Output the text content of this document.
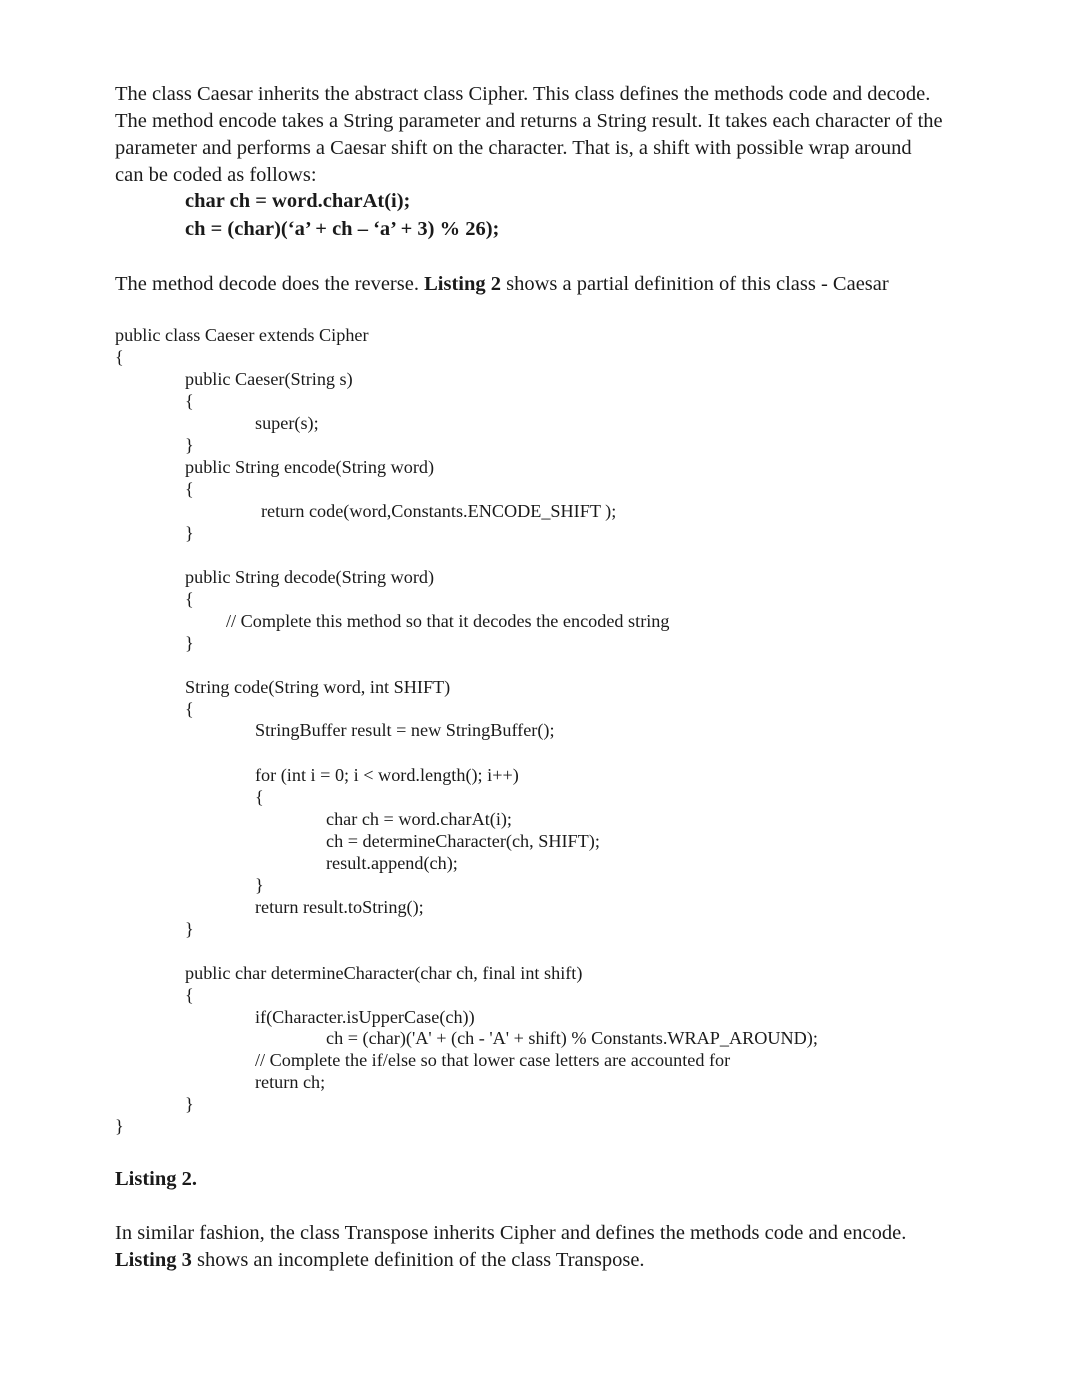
The class Caesar inherits the abstract class Cipher. This class defines the methods code and decode.
The method encode takes a String parameter and returns a String result. It takes each character of the
parameter and performs a Caesar shift on the character. That is, a shift with possible wrap around
can be coded as follows:
char ch = word.charAt(i);
ch = (char)(‘a’ + ch – ‘a’ + 3) % 26);
The method decode does the reverse. Listing 2 shows a partial definition of this class - Caesar
public class Caeser extends Cipher
{
public Caeser(String s)
{
super(s);
}
public String encode(String word)
{
return code(word,Constants.ENCODE_SHIFT );
}
public String decode(String word)
{
// Complete this method so that it decodes the encoded string
}
String code(String word, int SHIFT)
{
StringBuffer result = new StringBuffer();
for (int i = 0; i < word.length(); i++)
{
char ch = word.charAt(i);
ch = determineCharacter(ch, SHIFT);
result.append(ch);
}
return result.toString();
}
public char determineCharacter(char ch, final int shift)
{
if(Character.isUpperCase(ch))
ch = (char)('A' + (ch - 'A' + shift) % Constants.WRAP_AROUND);
// Complete the if/else so that lower case letters are accounted for
return ch;
}
}
Listing 2.
In similar fashion, the class Transpose inherits Cipher and defines the methods code and encode.
Listing 3 shows an incomplete definition of the class Transpose.
